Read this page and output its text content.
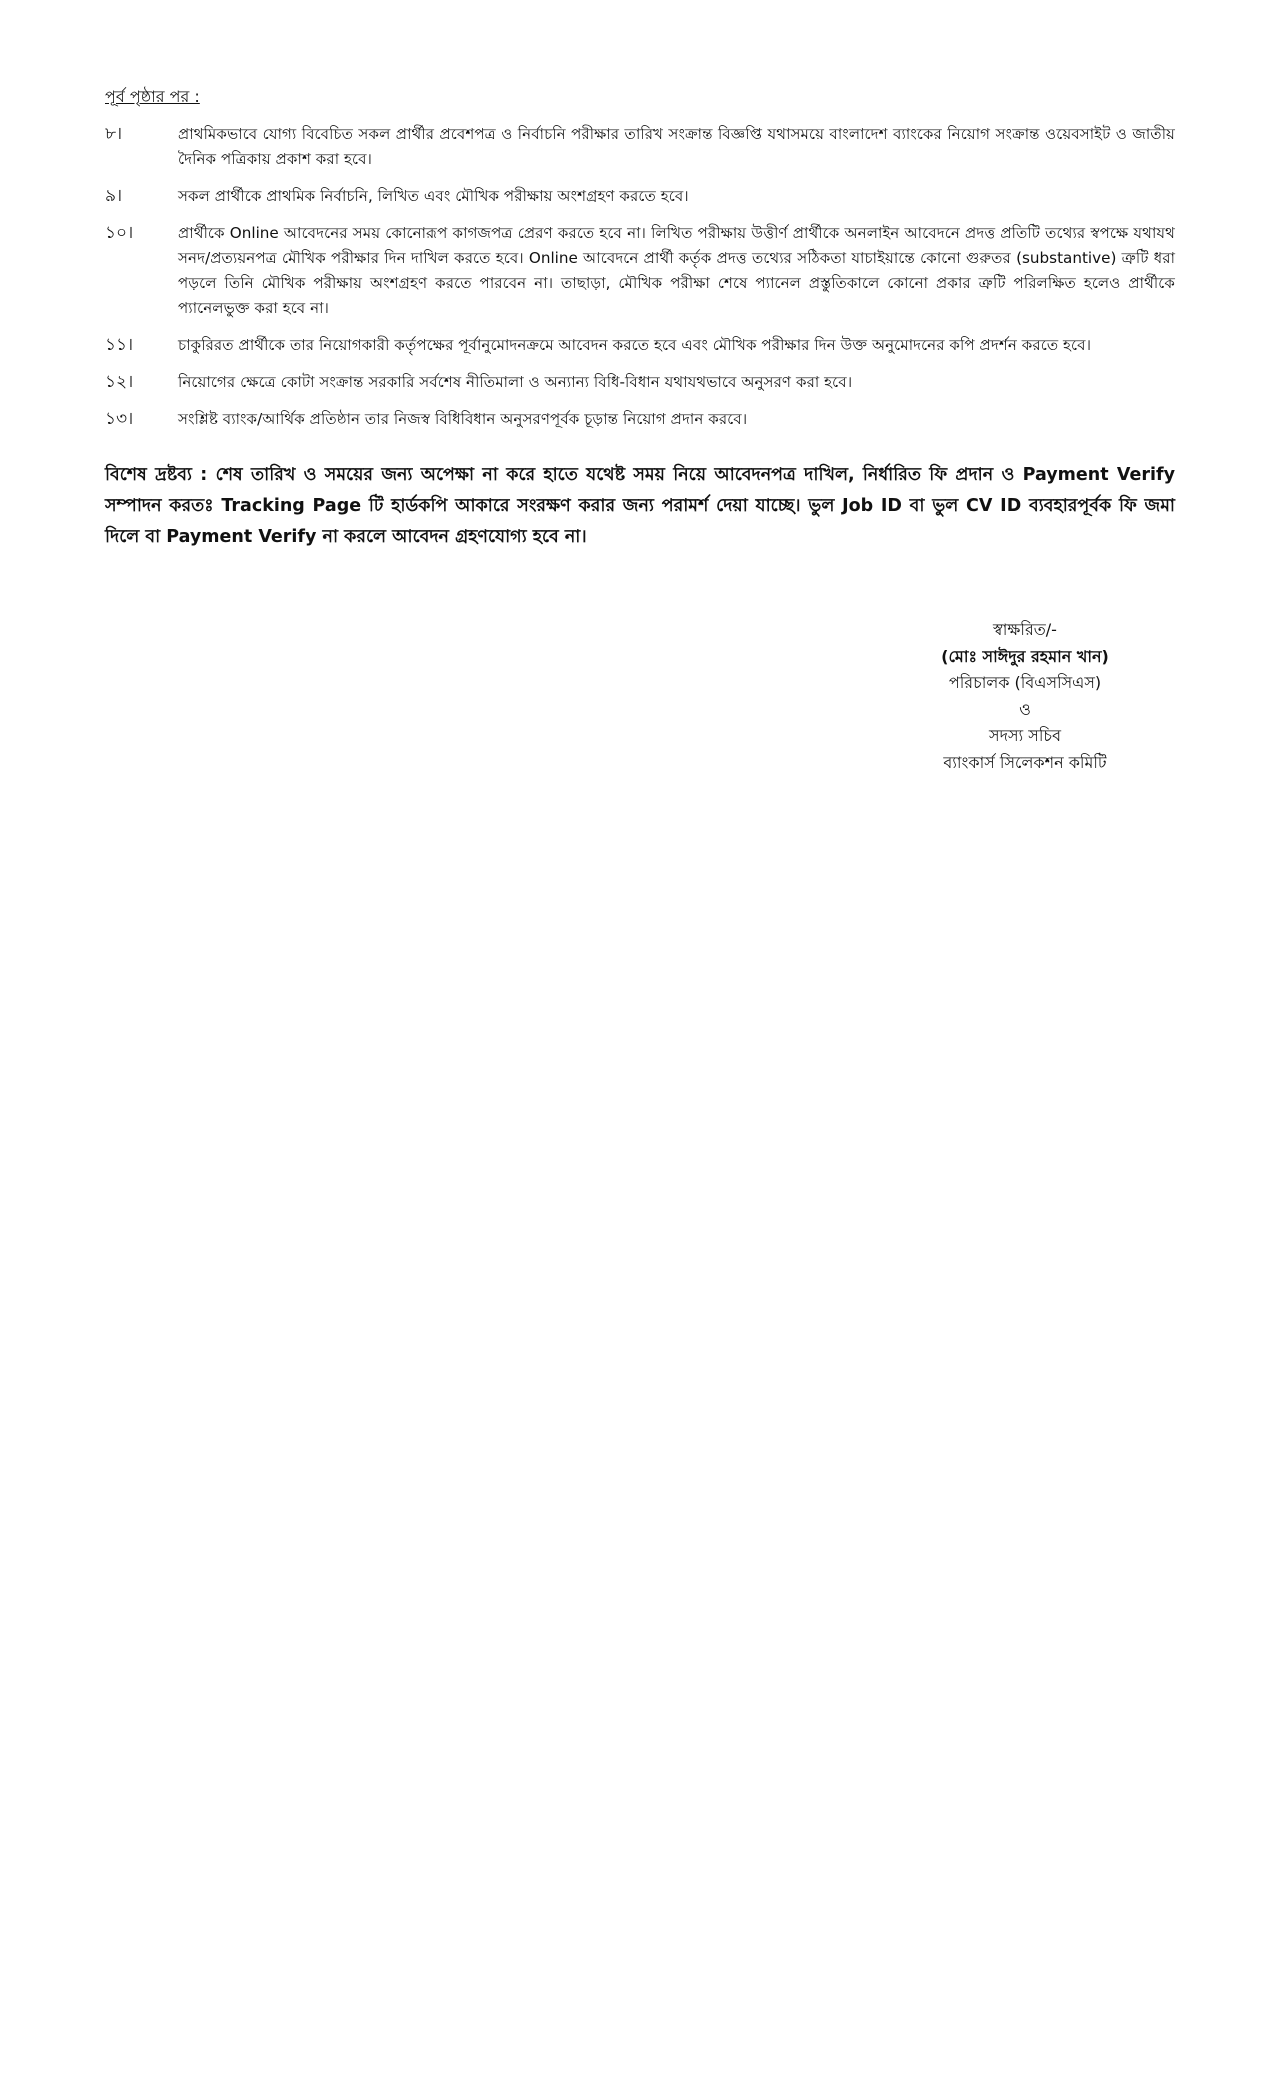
পূর্ব পৃষ্ঠার পর :
৮।	প্রাথমিকভাবে যোগ্য বিবেচিত সকল প্রার্থীর প্রবেশপত্র ও নির্বাচনি পরীক্ষার তারিখ সংক্রান্ত বিজ্ঞপ্তি যথাসময়ে বাংলাদেশ ব্যাংকের নিয়োগ সংক্রান্ত ওয়েবসাইট ও জাতীয় দৈনিক পত্রিকায় প্রকাশ করা হবে।
৯।	সকল প্রার্থীকে প্রাথমিক নির্বাচনি, লিখিত এবং মৌখিক পরীক্ষায় অংশগ্রহণ করতে হবে।
১০।	প্রার্থীকে Online আবেদনের সময় কোনোরূপ কাগজপত্র প্রেরণ করতে হবে না। লিখিত পরীক্ষায় উত্তীর্ণ প্রার্থীকে অনলাইন আবেদনে প্রদত্ত প্রতিটি তথ্যের স্বপক্ষে যথাযথ সনদ/প্রত্যয়নপত্র মৌখিক পরীক্ষার দিন দাখিল করতে হবে। Online আবেদনে প্রার্থী কর্তৃক প্রদত্ত তথ্যের সঠিকতা যাচাইয়ান্তে কোনো গুরুতর (substantive) ত্রুটি ধরা পড়লে তিনি মৌখিক পরীক্ষায় অংশগ্রহণ করতে পারবেন না। তাছাড়া, মৌখিক পরীক্ষা শেষে প্যানেল প্রস্তুতিকালে কোনো প্রকার ত্রুটি পরিলক্ষিত হলেও প্রার্থীকে প্যানেলভুক্ত করা হবে না।
১১।	চাকুরিরত প্রার্থীকে তার নিয়োগকারী কর্তৃপক্ষের পূর্বানুমোদনক্রমে আবেদন করতে হবে এবং মৌখিক পরীক্ষার দিন উক্ত অনুমোদনের কপি প্রদর্শন করতে হবে।
১২।	নিয়োগের ক্ষেত্রে কোটা সংক্রান্ত সরকারি সর্বশেষ নীতিমালা ও অন্যান্য বিধি-বিধান যথাযথভাবে অনুসরণ করা হবে।
১৩।	সংশ্লিষ্ট ব্যাংক/আর্থিক প্রতিষ্ঠান তার নিজস্ব বিধিবিধান অনুসরণপূর্বক চূড়ান্ত নিয়োগ প্রদান করবে।
বিশেষ দ্রষ্টব্য : শেষ তারিখ ও সময়ের জন্য অপেক্ষা না করে হাতে যথেষ্ট সময় নিয়ে আবেদনপত্র দাখিল, নির্ধারিত ফি প্রদান ও Payment Verify সম্পাদন করতঃ Tracking Page টি হার্ডকপি আকারে সংরক্ষণ করার জন্য পরামর্শ দেয়া যাচ্ছে। ভুল Job ID বা ভুল CV ID ব্যবহারপূর্বক ফি জমা দিলে বা Payment Verify না করলে আবেদন গ্রহণযোগ্য হবে না।
স্বাক্ষরিত/-
(মোঃ সাঈদুর রহমান খান)
পরিচালক (বিএসসিএস)
ও
সদস্য সচিব
ব্যাংকার্স সিলেকশন কমিটি
